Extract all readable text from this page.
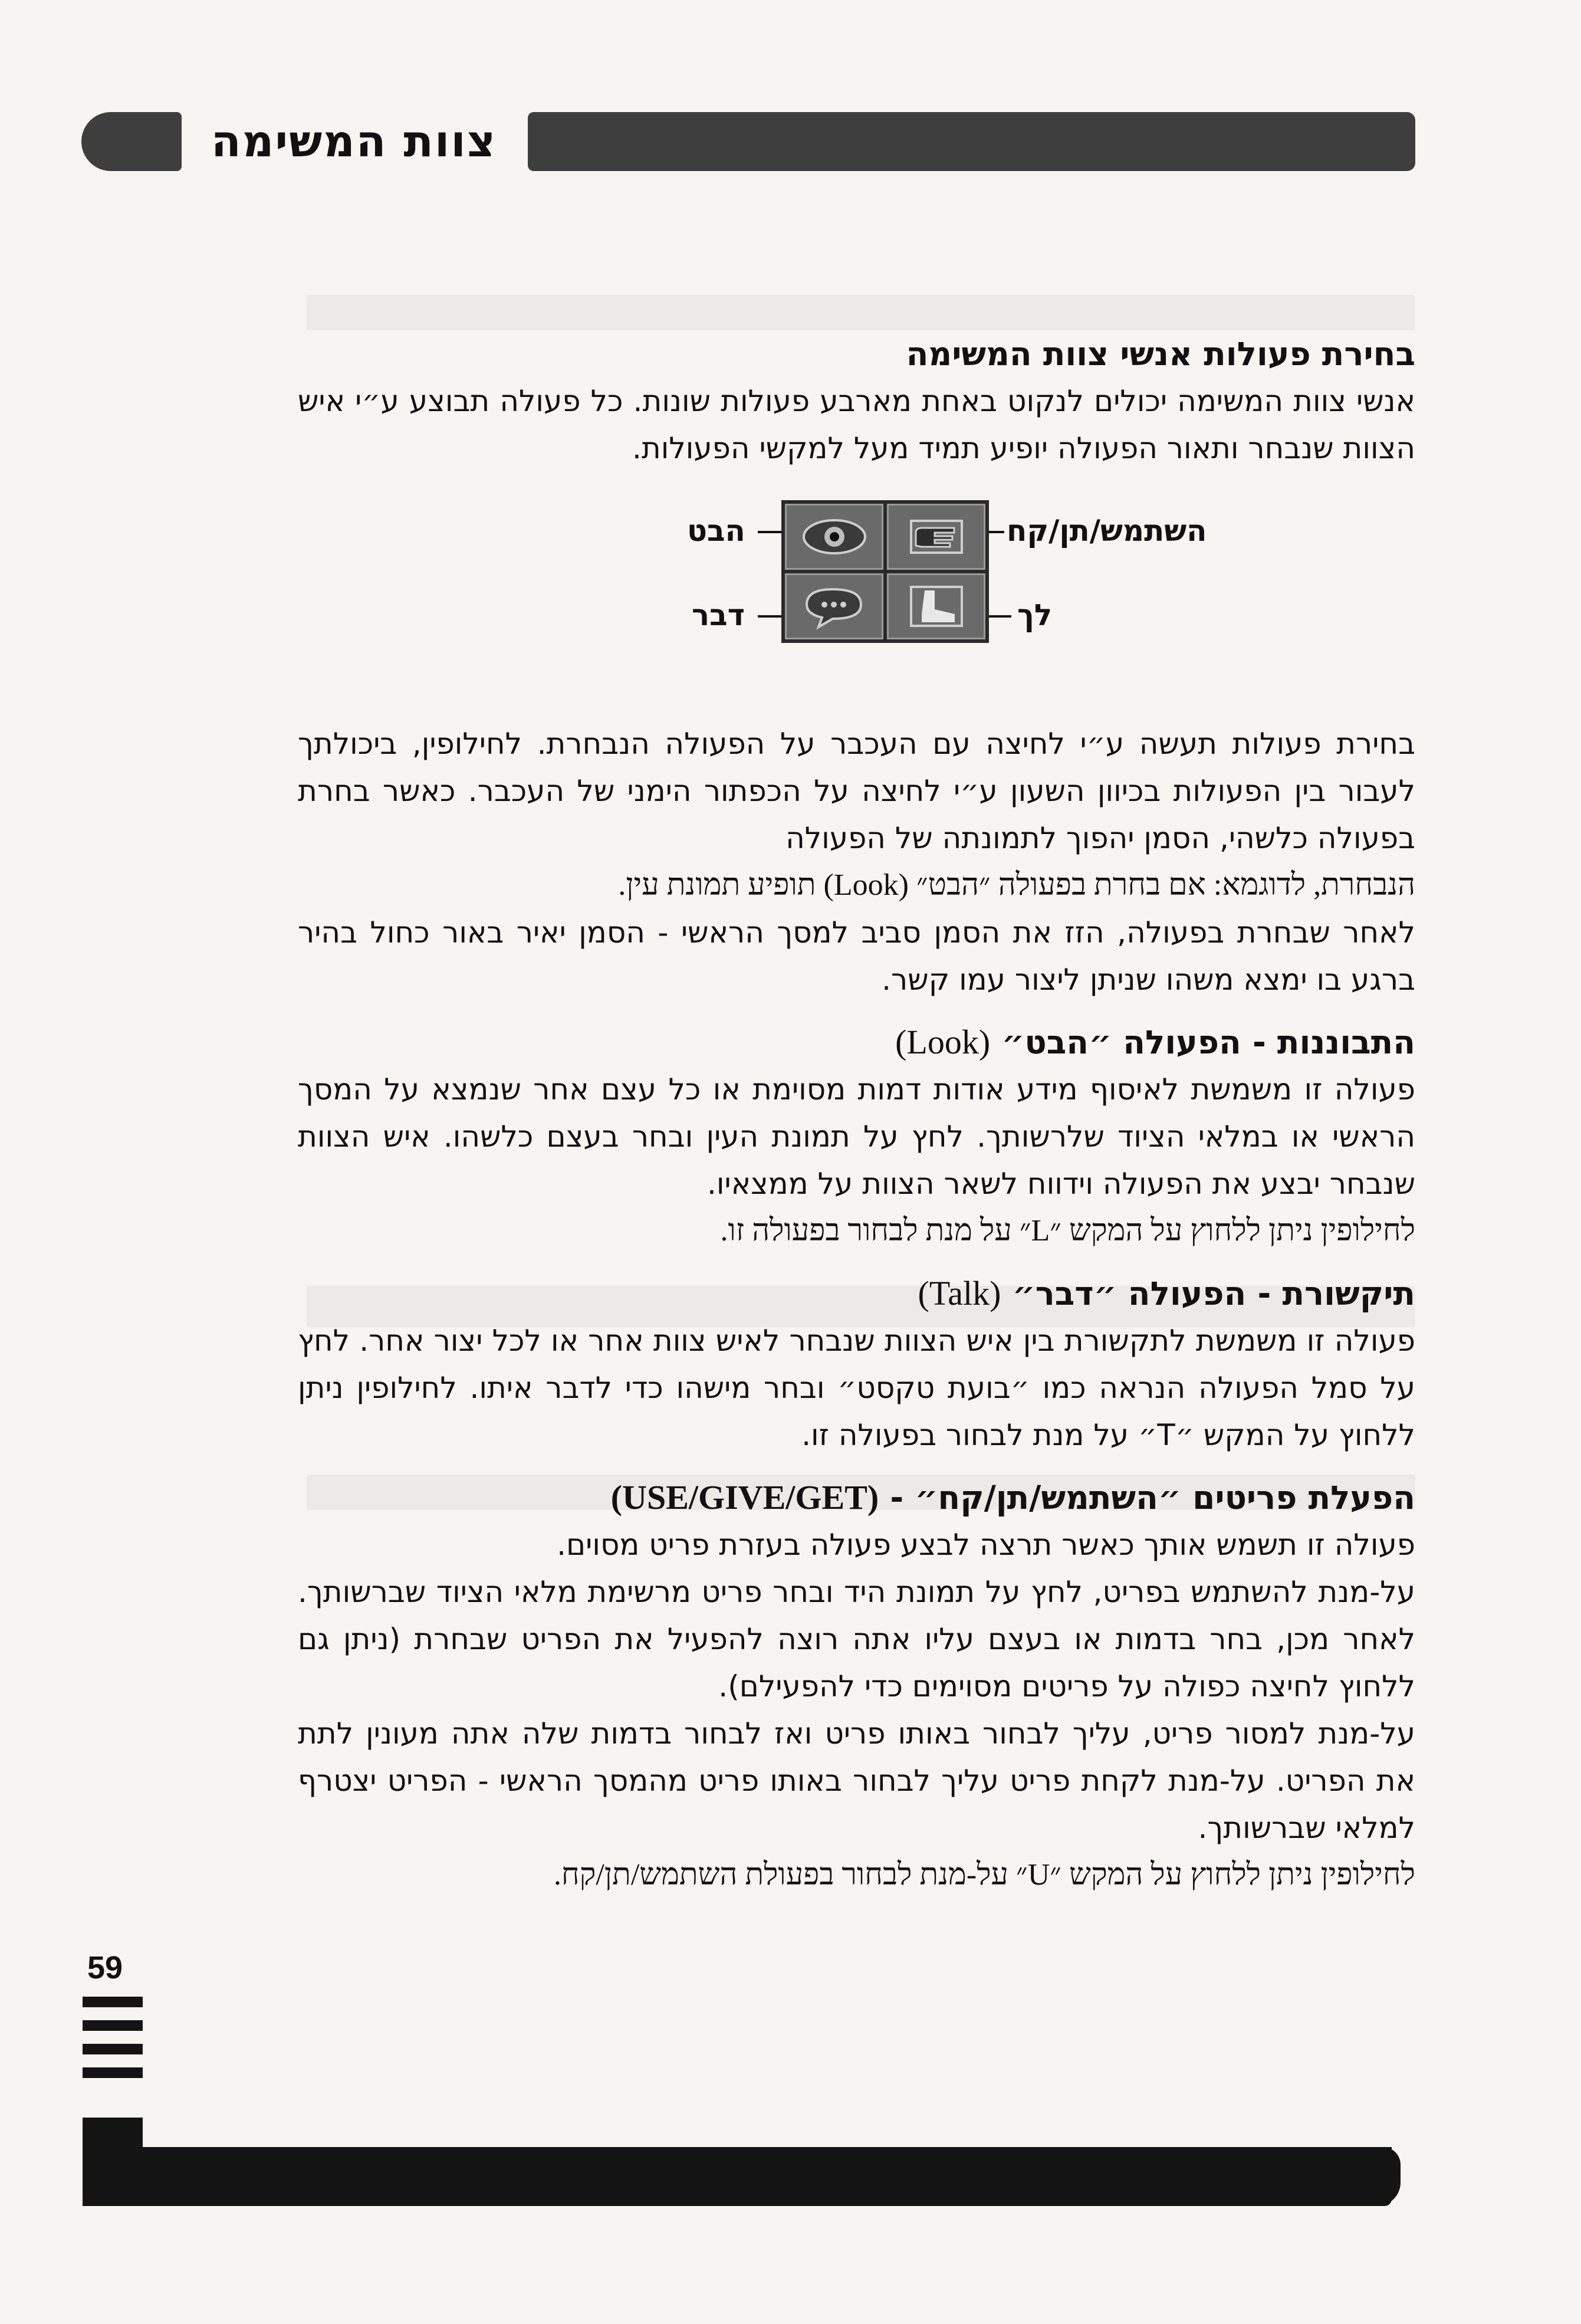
צוות המשימה
בחירת פעולות אנשי צוות המשימה

אנשי צוות המשימה יכולים לנקוט באחת מארבע פעולות שונות. כל פעולה תבוצע ע״י איש הצוות שנבחר ותאור הפעולה יופיע תמיד מעל למקשי הפעולות.

השתמש/תן/קח
הבט
לך
דבר

בחירת פעולות תעשה ע״י לחיצה עם העכבר על הפעולה הנבחרת. לחילופין, ביכולתך לעבור בין הפעולות בכיוון השעון ע״י לחיצה על הכפתור הימני של העכבר. כאשר בחרת בפעולה כלשהי, הסמן יהפוך לתמונתה של הפעולה

הנבחרת, לדוגמא: אם בחרת בפעולה ״הבט״ (Look) תופיע תמונת עין.

לאחר שבחרת בפעולה, הזז את הסמן סביב למסך הראשי - הסמן יאיר באור כחול בהיר ברגע בו ימצא משהו שניתן ליצור עמו קשר.

התבוננות - הפעולה ״הבט״ (Look)

פעולה זו משמשת לאיסוף מידע אודות דמות מסוימת או כל עצם אחר שנמצא על המסך הראשי או במלאי הציוד שלרשותך. לחץ על תמונת העין ובחר בעצם כלשהו. איש הצוות שנבחר יבצע את הפעולה וידווח לשאר הצוות על ממצאיו.

לחילופין ניתן ללחוץ על המקש ״L״ על מנת לבחור בפעולה זו.

תיקשורת - הפעולה ״דבר״ (Talk)

פעולה זו משמשת לתקשורת בין איש הצוות שנבחר לאיש צוות אחר או לכל יצור אחר. לחץ על סמל הפעולה הנראה כמו ״בועת טקסט״ ובחר מישהו כדי לדבר איתו. לחילופין ניתן ללחוץ על המקש ״T״ על מנת לבחור בפעולה זו.

הפעלת פריטים ״השתמש/תן/קח״ - (USE/GIVE/GET)

פעולה זו תשמש אותך כאשר תרצה לבצע פעולה בעזרת פריט מסוים.

על-מנת להשתמש בפריט, לחץ על תמונת היד ובחר פריט מרשימת מלאי הציוד שברשותך. לאחר מכן, בחר בדמות או בעצם עליו אתה רוצה להפעיל את הפריט שבחרת (ניתן גם ללחוץ לחיצה כפולה על פריטים מסוימים כדי להפעילם).

על-מנת למסור פריט, עליך לבחור באותו פריט ואז לבחור בדמות שלה אתה מעונין לתת את הפריט. על-מנת לקחת פריט עליך לבחור באותו פריט מהמסך הראשי - הפריט יצטרף למלאי שברשותך.

לחילופין ניתן ללחוץ על המקש ״U״ על-מנת לבחור בפעולת השתמש/תן/קח.

59
